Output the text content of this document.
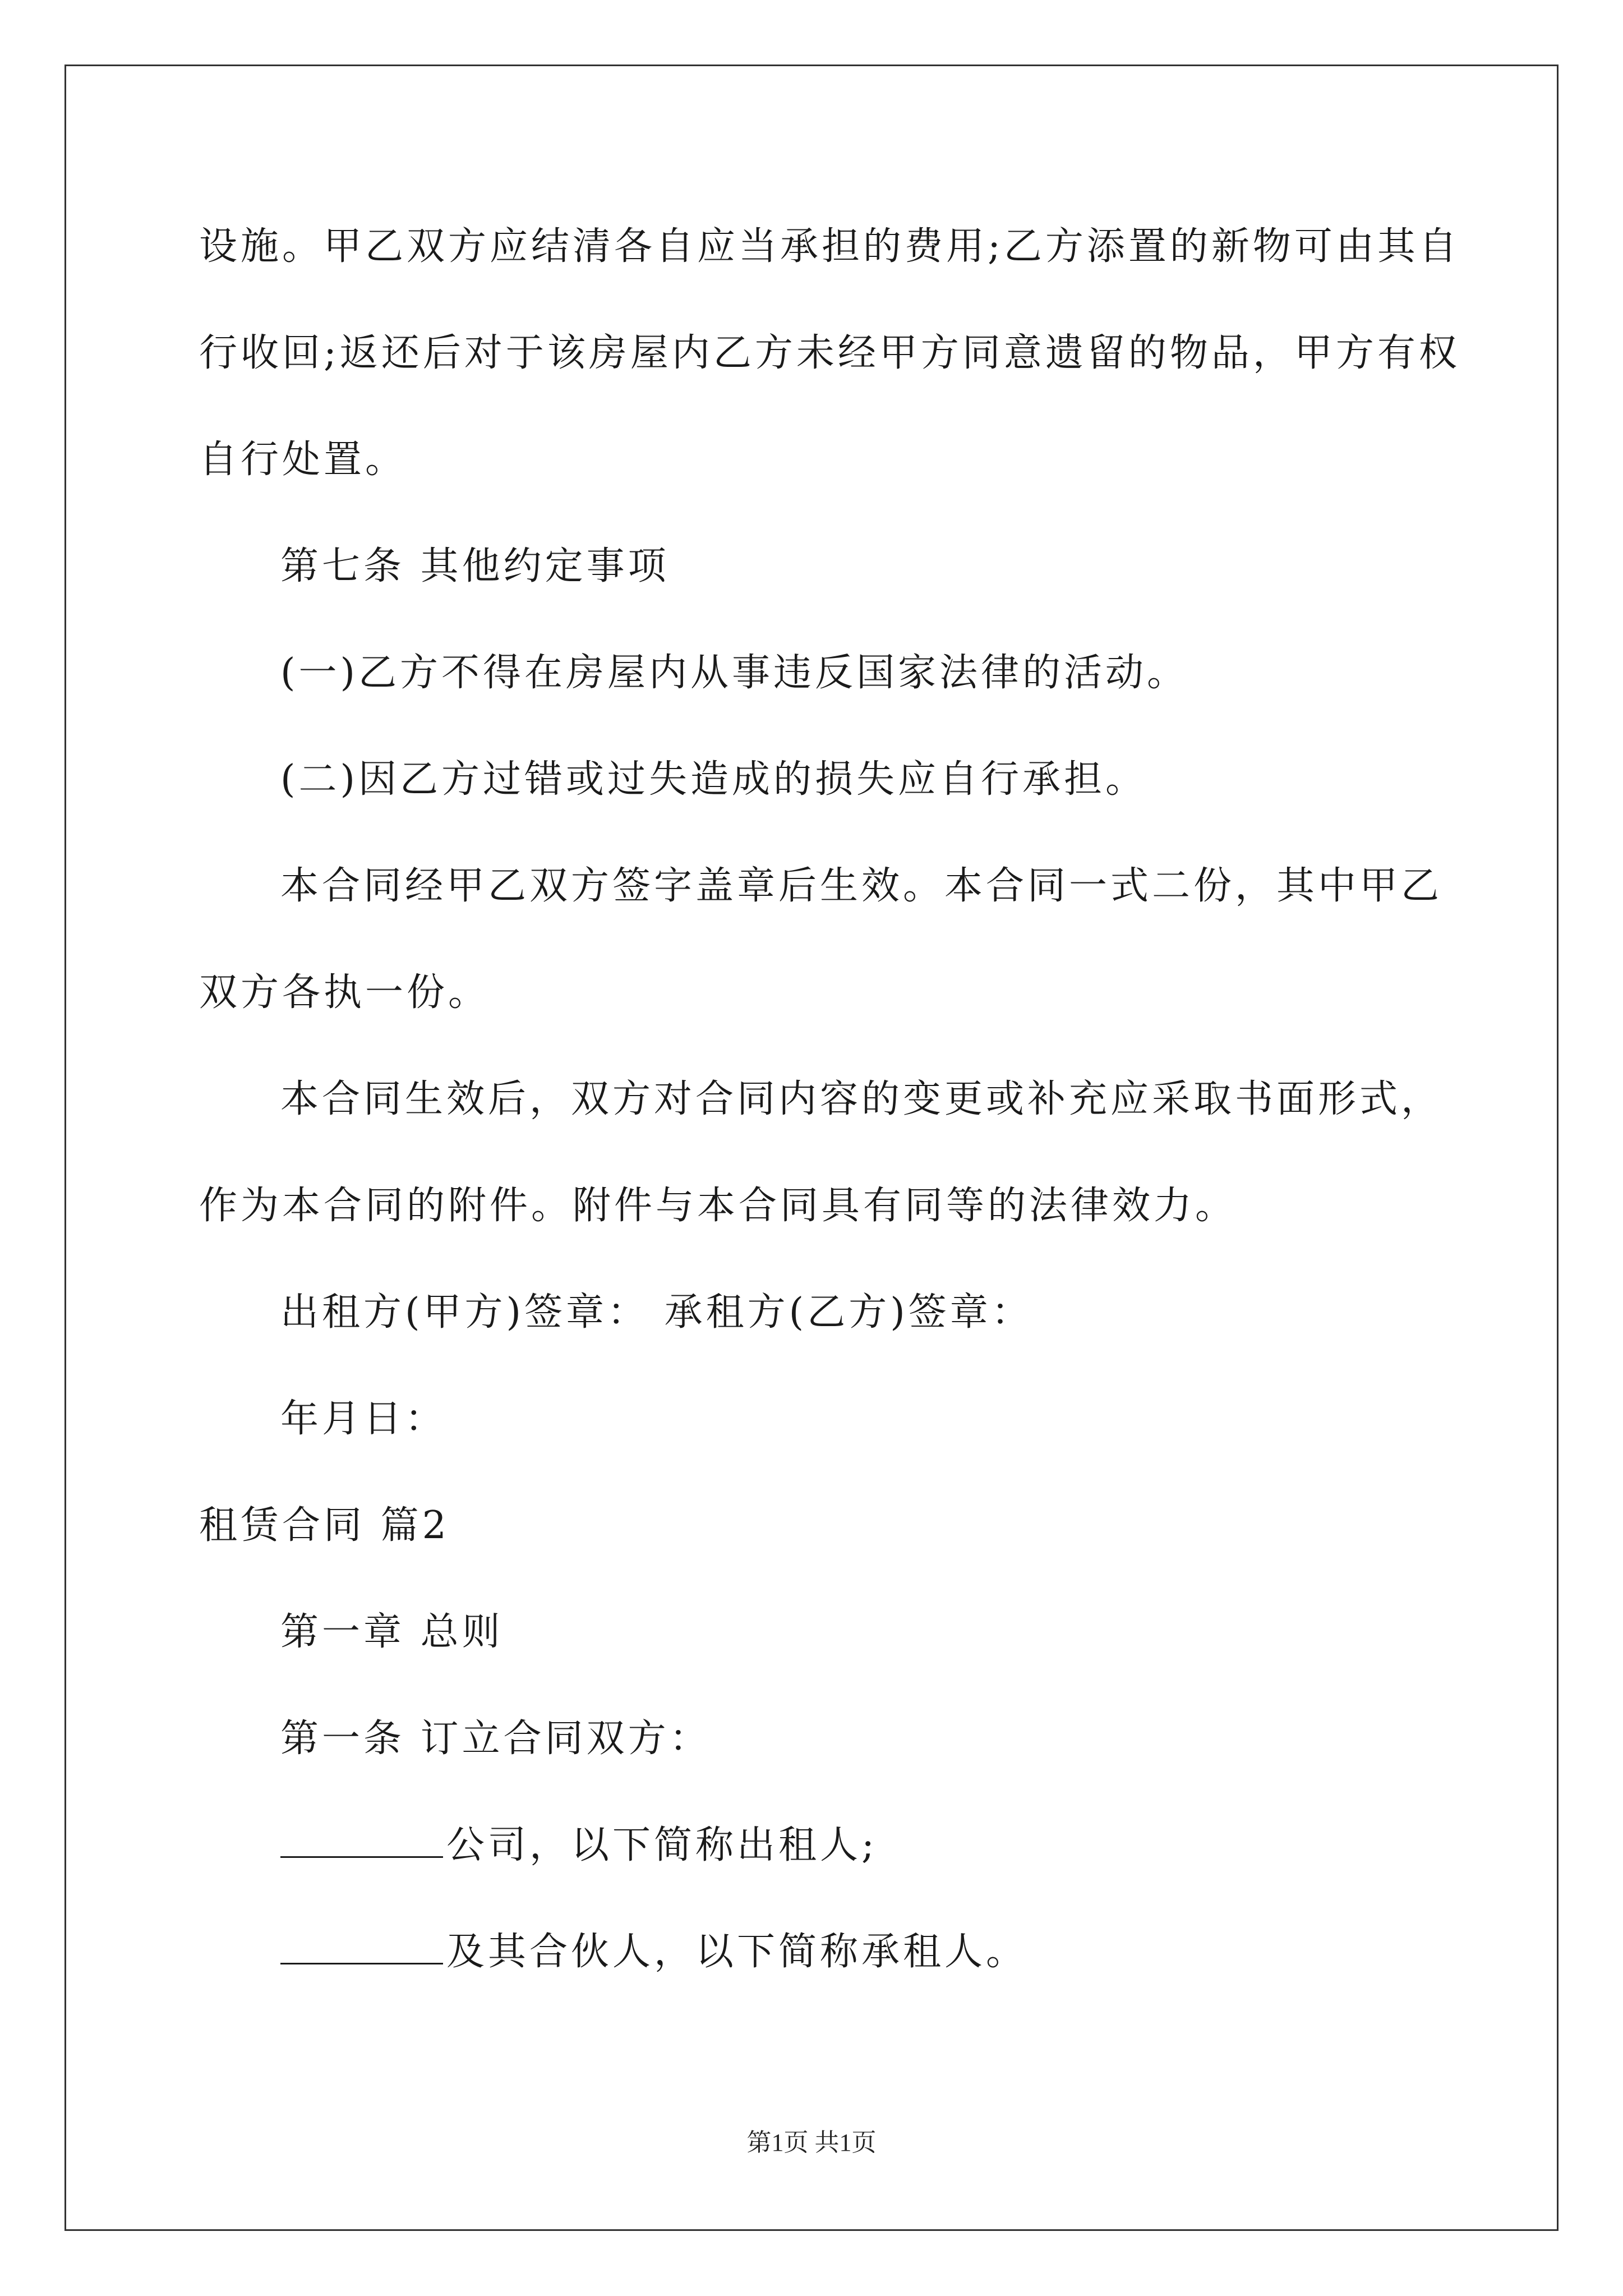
设施。甲乙双方应结清各自应当承担的费用;乙方添置的新物可由其自
行收回;返还后对于该房屋内乙方未经甲方同意遗留的物品，甲方有权
自行处置。
第七条 其他约定事项
(一)乙方不得在房屋内从事违反国家法律的活动。
(二)因乙方过错或过失造成的损失应自行承担。
本合同经甲乙双方签字盖章后生效。本合同一式二份，其中甲乙
双方各执一份。
本合同生效后，双方对合同内容的变更或补充应采取书面形式，
作为本合同的附件。附件与本合同具有同等的法律效力。
出租方(甲方)签章： 承租方(乙方)签章：
年月日：
租赁合同 篇2
第一章 总则
第一条 订立合同双方：
公司，以下简称出租人;
及其合伙人，以下简称承租人。
第1页 共1页
